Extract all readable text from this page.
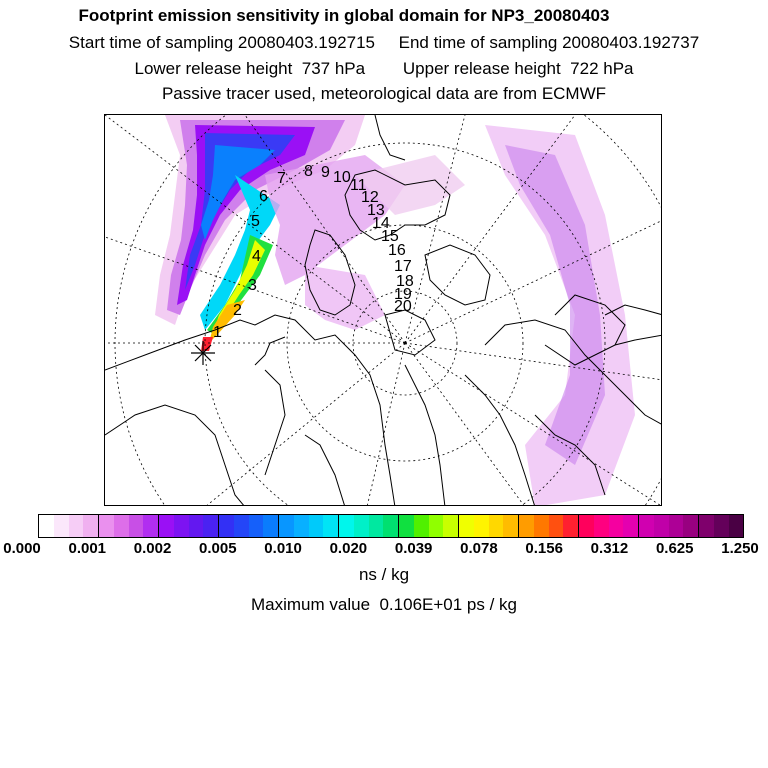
Footprint emission sensitivity in global domain for NP3_20080403
Start time of sampling 20080403.192715     End time of sampling 20080403.192737
Lower release height  737 hPa        Upper release height  722 hPa
Passive tracer used, meteorological data are from ECMWF
1
2
3
4
5
6
7 8 9 10 11
12
13
14
15
16
17
18
19
20
0.000 0.001 0.002 0.005 0.010 0.020 0.039 0.078 0.156 0.312 0.625 1.250
ns / kg
Maximum value  0.106E+01 ps / kg
